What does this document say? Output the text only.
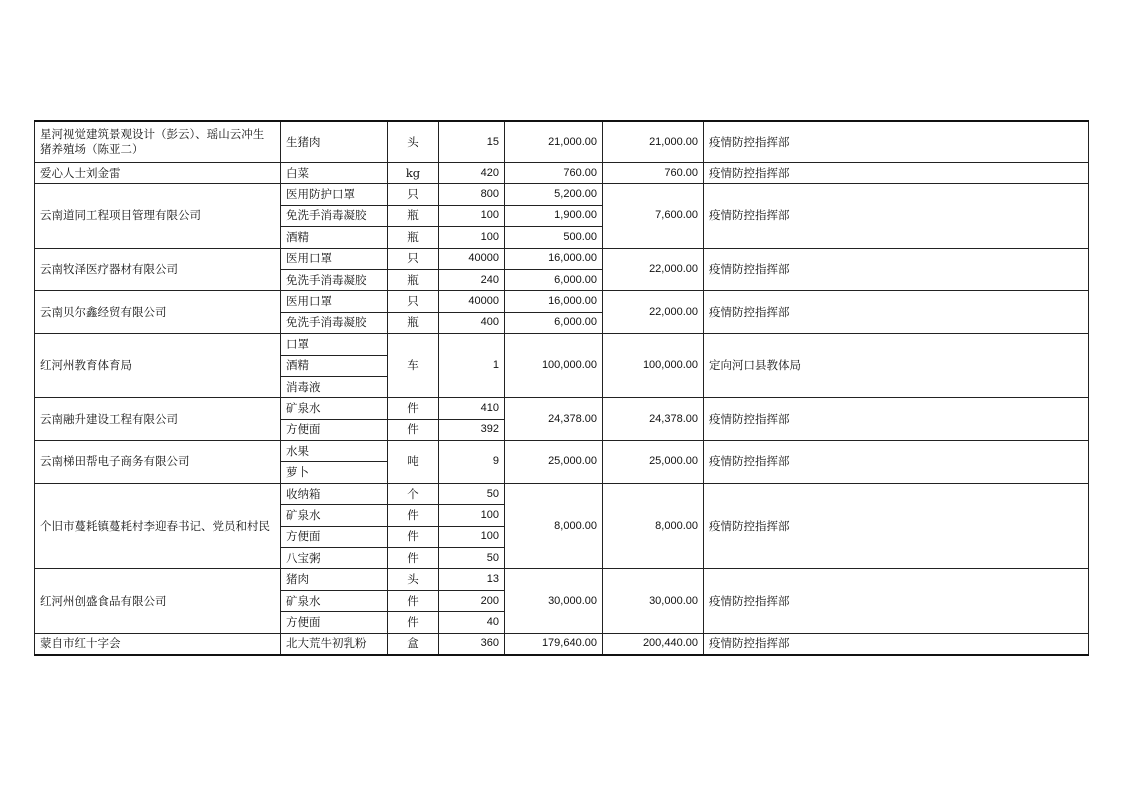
星河视觉建筑景观设计（彭云）、瑶山云冲生猪养殖场（陈亚二）	生猪肉	头	15	21,000.00	21,000.00	疫情防控指挥部
爱心人士刘金雷	白菜	kg	420	760.00	760.00	疫情防控指挥部
云南道同工程项目管理有限公司	医用防护口罩	只	800	5,200.00	7,600.00	疫情防控指挥部
	免洗手消毒凝胶	瓶	100	1,900.00		
	酒精	瓶	100	500.00		
云南牧泽医疗器材有限公司	医用口罩	只	40000	16,000.00	22,000.00	疫情防控指挥部
	免洗手消毒凝胶	瓶	240	6,000.00		
云南贝尔鑫经贸有限公司	医用口罩	只	40000	16,000.00	22,000.00	疫情防控指挥部
	免洗手消毒凝胶	瓶	400	6,000.00		
红河州教育体育局	口罩	车	1	100,000.00	100,000.00	定向河口县教体局
	酒精					
	消毒液					
云南融升建设工程有限公司	矿泉水	件	410	24,378.00	24,378.00	疫情防控指挥部
	方便面	件	392			
云南梯田帮电子商务有限公司	水果	吨	9	25,000.00	25,000.00	疫情防控指挥部
	萝卜					
个旧市蔓耗镇蔓耗村李迎春书记、党员和村民	收纳箱	个	50	8,000.00	8,000.00	疫情防控指挥部
	矿泉水	件	100			
	方便面	件	100			
	八宝粥	件	50			
红河州创盛食品有限公司	猪肉	头	13	30,000.00	30,000.00	疫情防控指挥部
	矿泉水	件	200			
	方便面	件	40			
蒙自市红十字会	北大荒牛初乳粉	盒	360	179,640.00	200,440.00	疫情防控指挥部
